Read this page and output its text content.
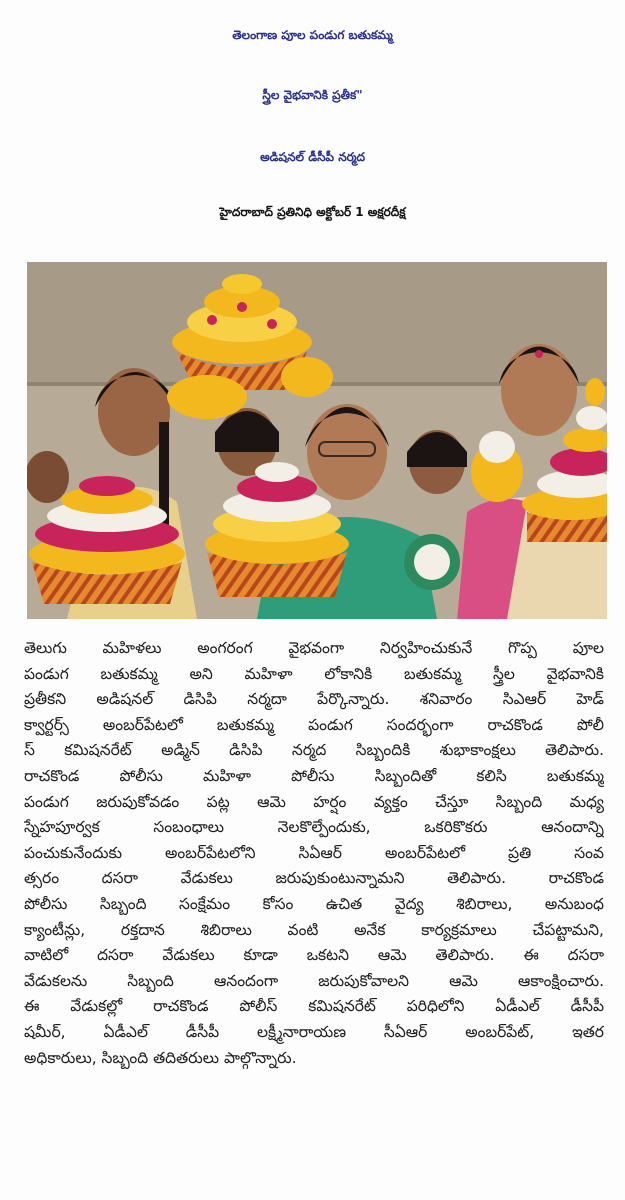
తెలంగాణ పూల పండుగ బతుకమ్మ
స్త్రీల వైభవానికి ప్రతీక"
అడిషనల్ డీసీపీ నర్మద
హైదరాబాద్ ప్రతినిధి అక్టోబర్ 1 అక్షరదీక్ష
తెలుగు మహిళలు అంగరంగ వైభవంగా నిర్వహించుకునే గొప్ప పూల
పండుగ బతుకమ్మ అని మహిళా లోకానికి బతుకమ్మ స్త్రీల వైభవానికి
ప్రతీకని అడిషనల్ డిసిపి నర్మదా పేర్కొన్నారు. శనివారం సిఎఆర్ హెడ్
క్వార్టర్స్ అంబర్‌పేటలో బతుకమ్మ పండుగ సందర్భంగా రాచకొండ పోలీ
స్ కమిషనరేట్ అడ్మిన్ డిసిపి నర్మద సిబ్బందికి శుభాకాంక్షలు తెలిపారు.
రాచకొండ పోలీసు మహిళా పోలీసు సిబ్బందితో కలిసి బతుకమ్మ
పండుగ జరుపుకోవడం పట్ల ఆమె హర్షం వ్యక్తం చేస్తూ సిబ్బంది మధ్య
స్నేహపూర్వక సంబంధాలు నెలకొల్పేందుకు, ఒకరికొకరు ఆనందాన్ని
పంచుకునేందుకు అంబర్‌పేటలోని సిఏఆర్ అంబర్‌పేటలో ప్రతి సంవ
త్సరం దసరా వేడుకలు జరుపుకుంటున్నామని తెలిపారు. రాచకొండ
పోలీసు సిబ్బంది సంక్షేమం కోసం ఉచిత వైద్య శిబిరాలు, అనుబంధ
క్యాంటీన్లు, రక్తదాన శిబిరాలు వంటి అనేక కార్యక్రమాలు చేపట్టామని,
వాటిలో దసరా వేడుకలు కూడా ఒకటని ఆమె తెలిపారు. ఈ దసరా
వేడుకలను సిబ్బంది ఆనందంగా జరుపుకోవాలని ఆమె ఆకాంక్షించారు.
ఈ వేడుకల్లో రాచకొండ పోలీస్ కమిషనరేట్ పరిధిలోని ఏడీఎల్ డీసీపీ
షమీర్, ఏడీఎల్ డీసీపీ లక్ష్మీనారాయణ సీఏఆర్ అంబర్‌పేట్, ఇతర
అధికారులు, సిబ్బంది తదితరులు పాల్గొన్నారు.
